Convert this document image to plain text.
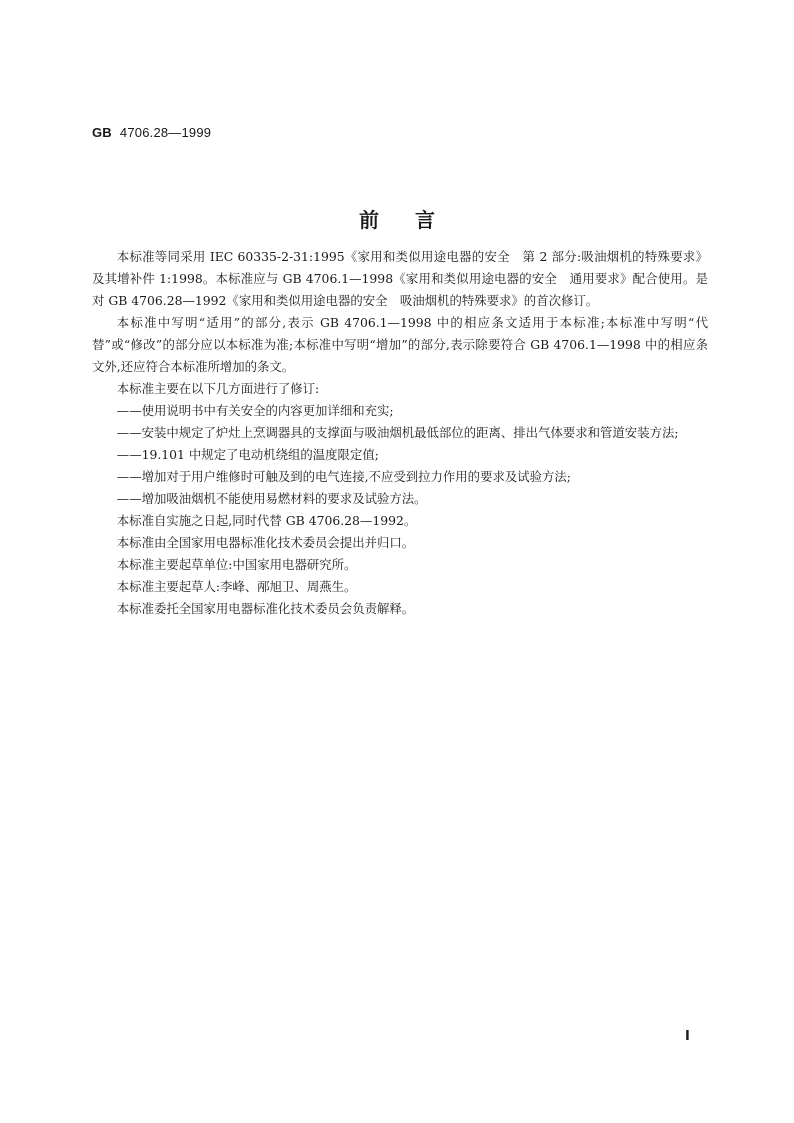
GB 4706.28—1999
前言

本标准等同采用 IEC 60335-2-31:1995《家用和类似用途电器的安全　第 2 部分:吸油烟机的特殊要求》及其增补件 1:1998。本标准应与 GB 4706.1—1998《家用和类似用途电器的安全　通用要求》配合使用。是对 GB 4706.28—1992《家用和类似用途电器的安全　吸油烟机的特殊要求》的首次修订。

本标准中写明“适用”的部分,表示 GB 4706.1—1998 中的相应条文适用于本标准;本标准中写明“代替”或“修改”的部分应以本标准为准;本标准中写明“增加”的部分,表示除要符合 GB 4706.1—1998 中的相应条文外,还应符合本标准所增加的条文。

本标准主要在以下几方面进行了修订:

——使用说明书中有关安全的内容更加详细和充实;

——安装中规定了炉灶上烹调器具的支撑面与吸油烟机最低部位的距离、排出气体要求和管道安装方法;

——19.101 中规定了电动机绕组的温度限定值;

——增加对于用户维修时可触及到的电气连接,不应受到拉力作用的要求及试验方法;

——增加吸油烟机不能使用易燃材料的要求及试验方法。

本标准自实施之日起,同时代替 GB 4706.28—1992。

本标准由全国家用电器标准化技术委员会提出并归口。

本标准主要起草单位:中国家用电器研究所。

本标准主要起草人:李峰、邴旭卫、周燕生。

本标准委托全国家用电器标准化技术委员会负责解释。

Ⅰ
